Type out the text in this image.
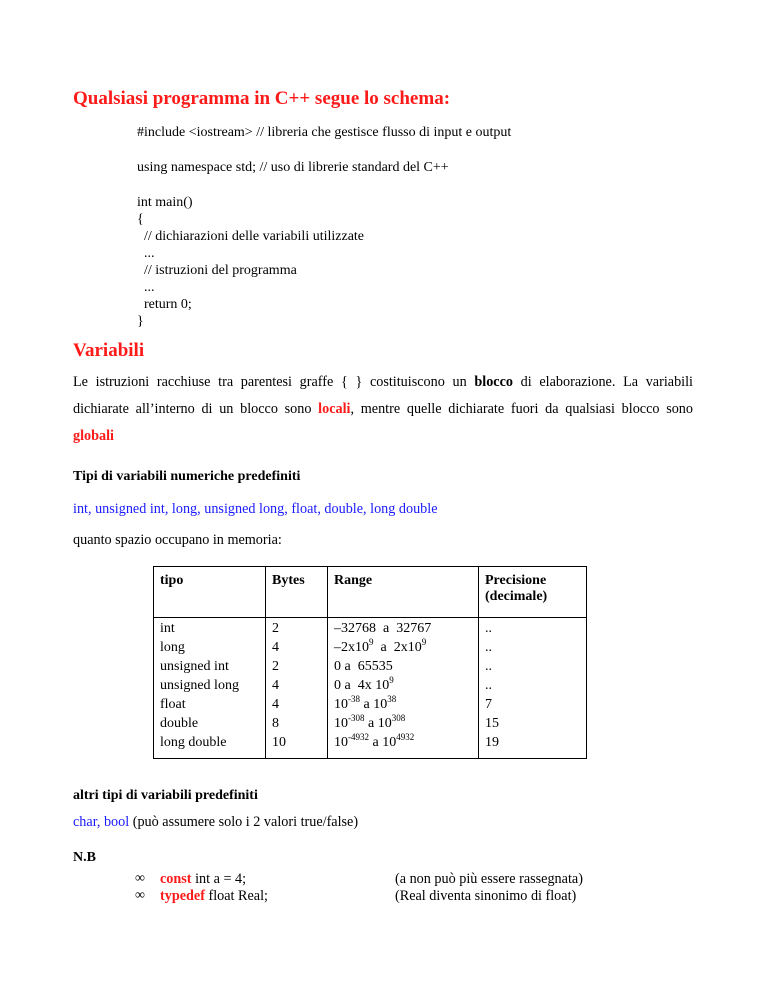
Qualsiasi programma in C++ segue lo schema:
#include <iostream> // libreria che gestisce flusso di input e output
using namespace std; // uso di librerie standard del C++
int main()
{
// dichiarazioni delle variabili utilizzate
...
// istruzioni del programma
...
return 0;
}
Variabili
Le istruzioni racchiuse tra parentesi graffe { } costituiscono un blocco di elaborazione. La variabili dichiarate all’interno di un blocco sono locali, mentre quelle dichiarate fuori da qualsiasi blocco sono globali
Tipi di variabili numeriche predefiniti
int, unsigned int, long, unsigned long, float, double, long double
quanto spazio occupano in memoria:
tipo	Bytes	Range	Precisione (decimale)
int	2	–32768  a  32767	..
long	4	$-2x10^9$  a  $2x10^9$	..
unsigned int	2	0 a  65535	..
unsigned long	4	0 a  4x $10^9$	..
float	4	$10^{-38}$ a $10^{38}$	7
double	8	$10^{-308}$ a $10^{308}$	15
long double	10	$10^{-4932}$ a $10^{4932}$	19
altri tipi di variabili predefiniti
char, bool (può assumere solo i 2 valori true/false)
N.B
∞ const int a = 4;	(a non può più essere rassegnata)
∞ typedef float Real;	(Real diventa sinonimo di float)
